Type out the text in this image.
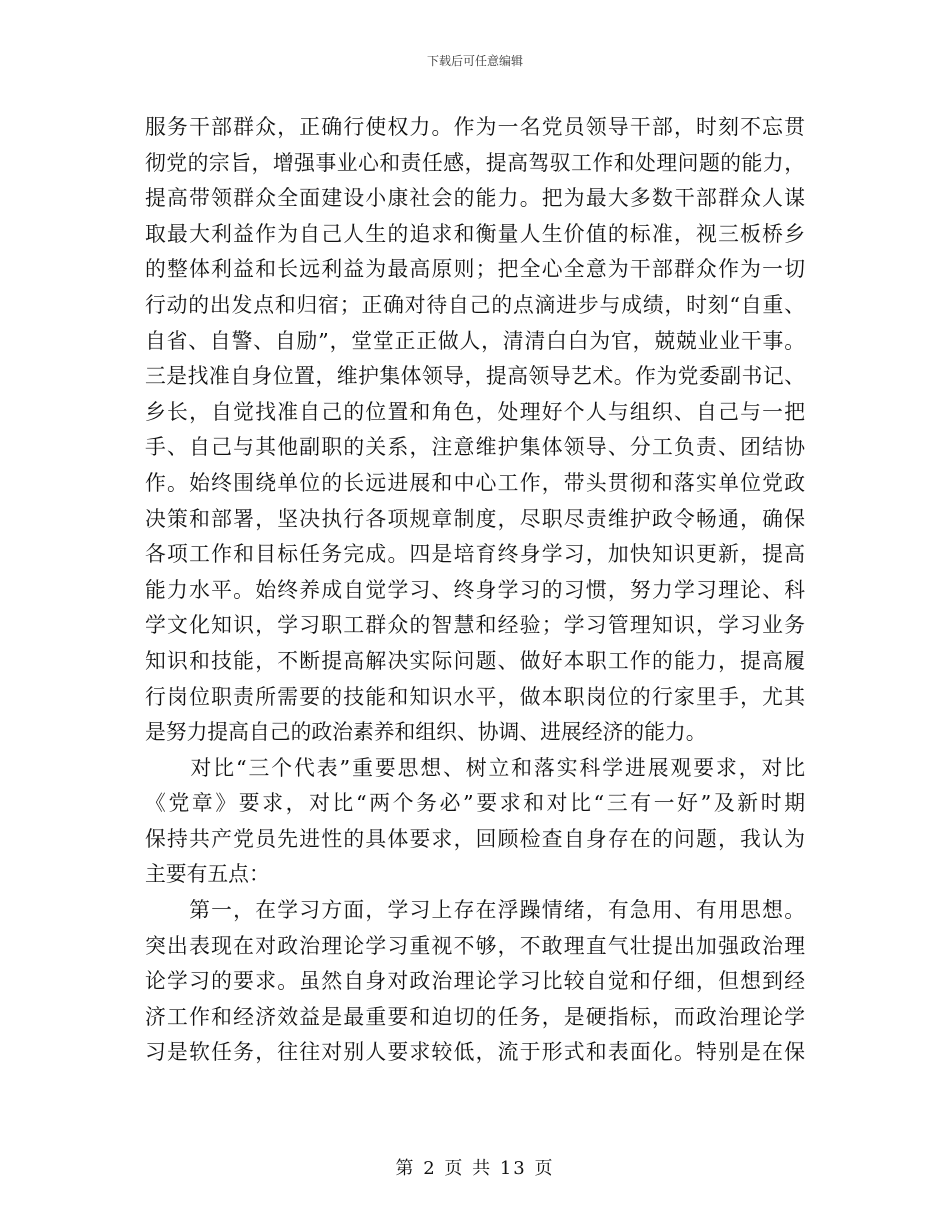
下载后可任意编辑
服务干部群众，正确行使权力。作为一名党员领导干部，时刻不忘贯
彻党的宗旨，增强事业心和责任感，提高驾驭工作和处理问题的能力，
提高带领群众全面建设小康社会的能力。把为最大多数干部群众人谋
取最大利益作为自己人生的追求和衡量人生价值的标准，视三板桥乡
的整体利益和长远利益为最高原则；把全心全意为干部群众作为一切
行动的出发点和归宿；正确对待自己的点滴进步与成绩，时刻“自重、
自省、自警、自励”，堂堂正正做人，清清白白为官，兢兢业业干事。
三是找准自身位置，维护集体领导，提高领导艺术。作为党委副书记、
乡长，自觉找准自己的位置和角色，处理好个人与组织、自己与一把
手、自己与其他副职的关系，注意维护集体领导、分工负责、团结协
作。始终围绕单位的长远进展和中心工作，带头贯彻和落实单位党政
决策和部署，坚决执行各项规章制度，尽职尽责维护政令畅通，确保
各项工作和目标任务完成。四是培育终身学习，加快知识更新，提高
能力水平。始终养成自觉学习、终身学习的习惯，努力学习理论、科
学文化知识，学习职工群众的智慧和经验；学习管理知识，学习业务
知识和技能，不断提高解决实际问题、做好本职工作的能力，提高履
行岗位职责所需要的技能和知识水平，做本职岗位的行家里手，尤其
是努力提高自己的政治素养和组织、协调、进展经济的能力。
　　对比“三个代表”重要思想、树立和落实科学进展观要求，对比
《党章》要求，对比“两个务必”要求和对比“三有一好”及新时期
保持共产党员先进性的具体要求，回顾检查自身存在的问题，我认为
主要有五点：
　　第一，在学习方面，学习上存在浮躁情绪，有急用、有用思想。
突出表现在对政治理论学习重视不够，不敢理直气壮提出加强政治理
论学习的要求。虽然自身对政治理论学习比较自觉和仔细，但想到经
济工作和经济效益是最重要和迫切的任务，是硬指标，而政治理论学
习是软任务，往往对别人要求较低，流于形式和表面化。特别是在保
第 2 页 共 13 页
